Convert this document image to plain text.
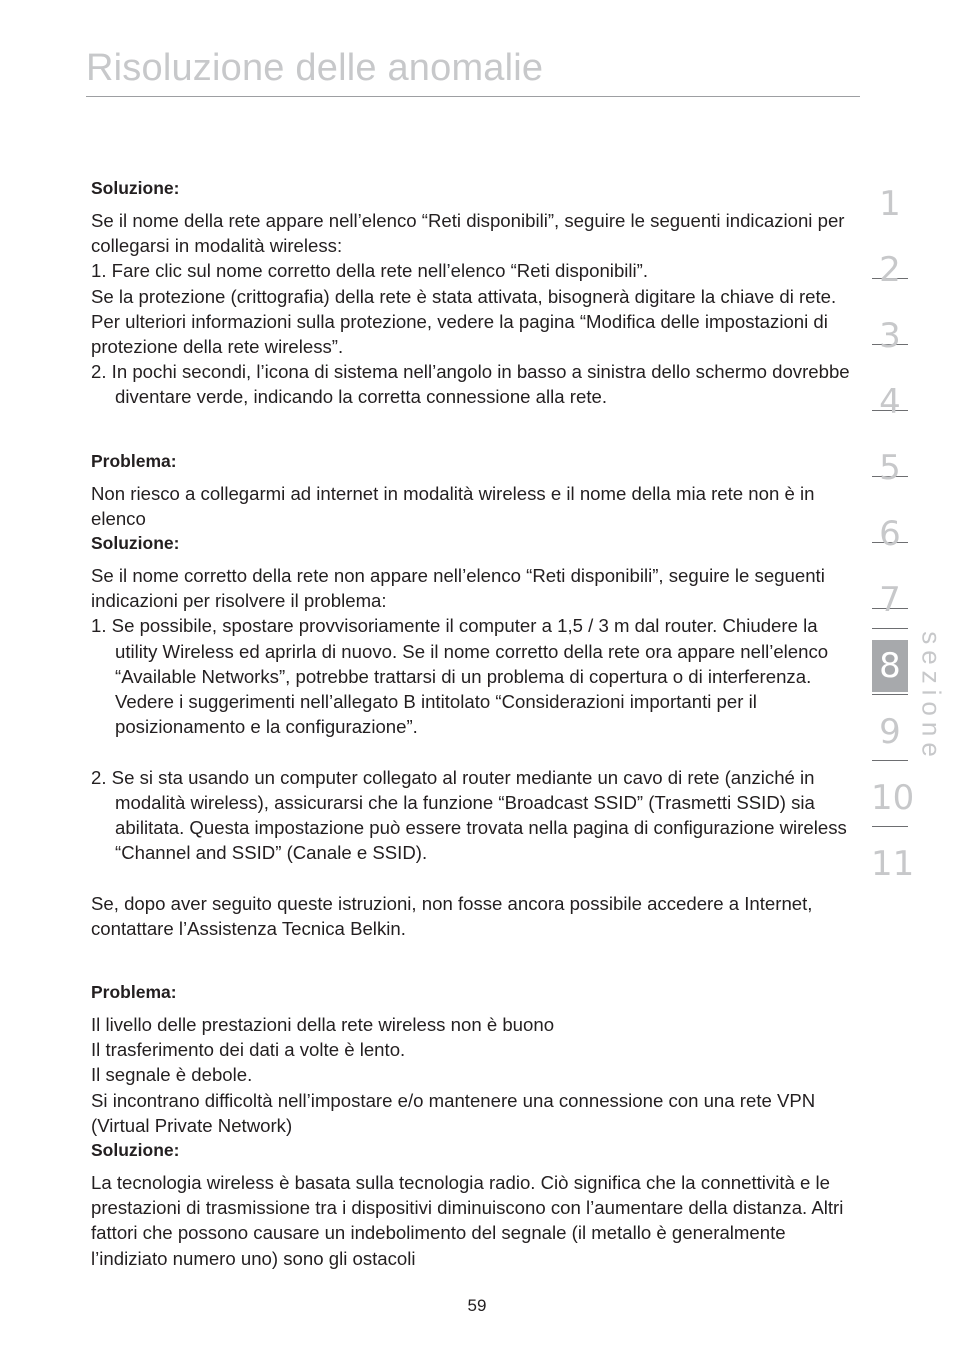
Risoluzione delle anomalie

Soluzione:

Se il nome della rete appare nell’elenco “Reti disponibili”, seguire le seguenti indicazioni per collegarsi in modalità wireless:

1. Fare clic sul nome corretto della rete nell’elenco “Reti disponibili”.

Se la protezione (crittografia) della rete è stata attivata, bisognerà digitare la chiave di rete. Per ulteriori informazioni sulla protezione, vedere la pagina “Modifica delle impostazioni di protezione della rete wireless”.

2. In pochi secondi, l’icona di sistema nell’angolo in basso a sinistra dello schermo dovrebbe diventare verde, indicando la corretta connessione alla rete.

Problema:

Non riesco a collegarmi ad internet in modalità wireless e il nome della mia rete non è in elenco

Soluzione:

Se il nome corretto della rete non appare nell’elenco “Reti disponibili”, seguire le seguenti indicazioni per risolvere il problema:

1. Se possibile, spostare provvisoriamente il computer a 1,5 / 3 m dal router. Chiudere la utility Wireless ed aprirla di nuovo. Se il nome corretto della rete ora appare nell’elenco “Available Networks”, potrebbe trattarsi di un problema di copertura o di interferenza. Vedere i suggerimenti nell’allegato B intitolato “Considerazioni importanti per il posizionamento e la configurazione”.

2. Se si sta usando un computer collegato al router mediante un cavo di rete (anziché in modalità wireless), assicurarsi che la funzione “Broadcast SSID” (Trasmetti SSID) sia abilitata. Questa impostazione può essere trovata nella pagina di configurazione wireless “Channel and SSID” (Canale e SSID).

Se, dopo aver seguito queste istruzioni, non fosse ancora possibile accedere a Internet, contattare l’Assistenza Tecnica Belkin.

Problema:

Il livello delle prestazioni della rete wireless non è buono

Il trasferimento dei dati a volte è lento.

Il segnale è debole.

Si incontrano difficoltà nell’impostare e/o mantenere una connessione con una rete VPN (Virtual Private Network)

Soluzione:

La tecnologia wireless è basata sulla tecnologia radio. Ciò significa che la connettività e le prestazioni di trasmissione tra i dispositivi diminuiscono con l’aumentare della distanza. Altri fattori che possono causare un indebolimento del segnale (il metallo è generalmente l’indiziato numero uno) sono gli ostacoli

1
2
3
4
5
6
7
8
9
10
11
sezione
59
